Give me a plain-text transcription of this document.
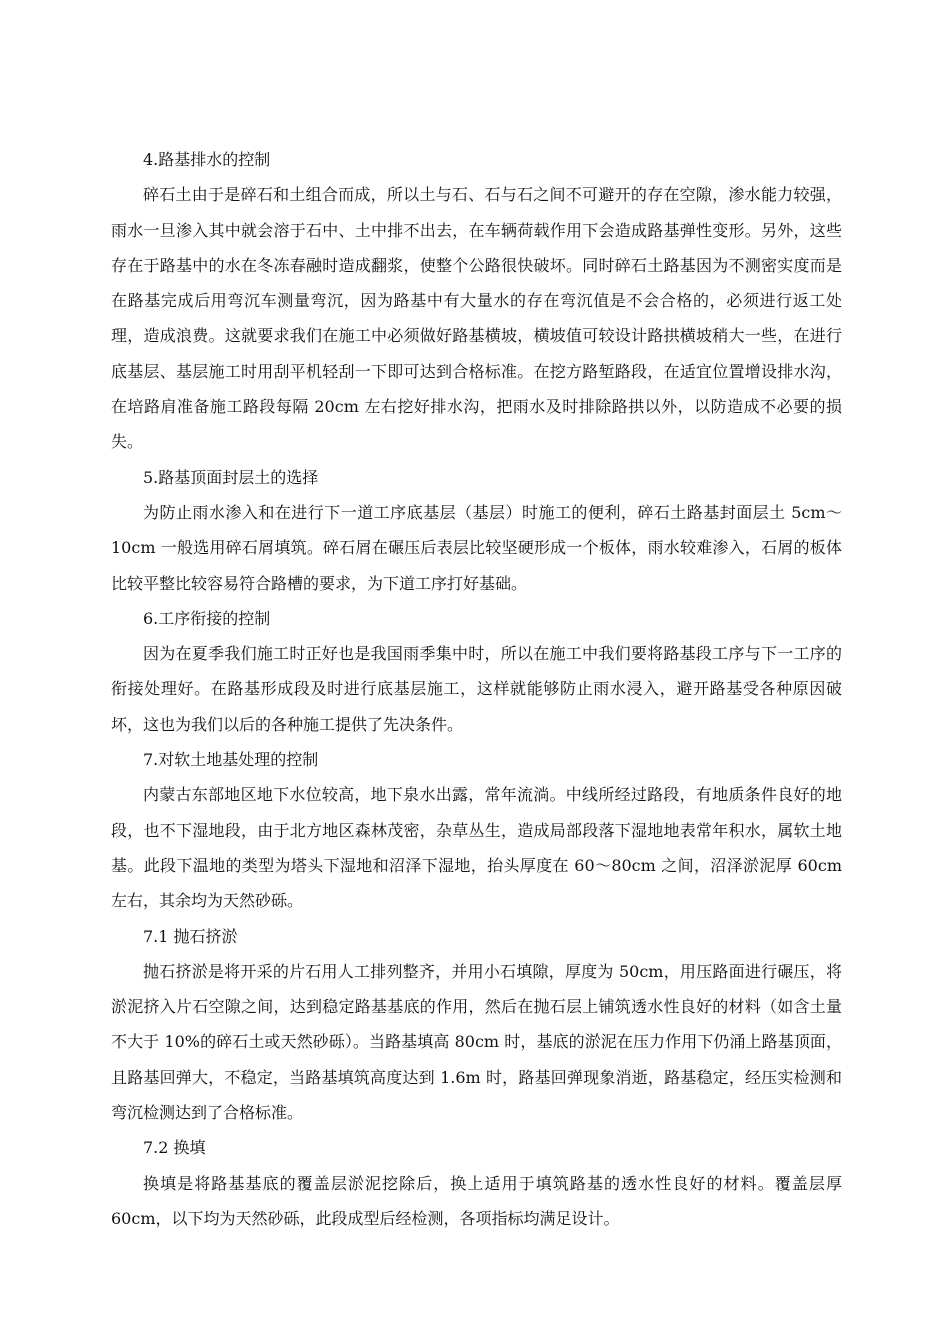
4.路基排水的控制

碎石土由于是碎石和土组合而成，所以土与石、石与石之间不可避开的存在空隙，渗水能力较强，雨水一旦渗入其中就会溶于石中、土中排不出去，在车辆荷载作用下会造成路基弹性变形。另外，这些存在于路基中的水在冬冻春融时造成翻浆，使整个公路很快破坏。同时碎石土路基因为不测密实度而是在路基完成后用弯沉车测量弯沉，因为路基中有大量水的存在弯沉值是不会合格的，必须进行返工处理，造成浪费。这就要求我们在施工中必须做好路基横坡，横坡值可较设计路拱横坡稍大一些，在进行底基层、基层施工时用刮平机轻刮一下即可达到合格标准。在挖方路堑路段，在适宜位置增设排水沟，在培路肩准备施工路段每隔 20cm 左右挖好排水沟，把雨水及时排除路拱以外，以防造成不必要的损失。

5.路基顶面封层土的选择

为防止雨水渗入和在进行下一道工序底基层（基层）时施工的便利，碎石土路基封面层土 5cm～10cm 一般选用碎石屑填筑。碎石屑在碾压后表层比较坚硬形成一个板体，雨水较难渗入，石屑的板体比较平整比较容易符合路槽的要求，为下道工序打好基础。

6.工序衔接的控制

因为在夏季我们施工时正好也是我国雨季集中时，所以在施工中我们要将路基段工序与下一工序的衔接处理好。在路基形成段及时进行底基层施工，这样就能够防止雨水浸入，避开路基受各种原因破坏，这也为我们以后的各种施工提供了先决条件。

7.对软土地基处理的控制

内蒙古东部地区地下水位较高，地下泉水出露，常年流淌。中线所经过路段，有地质条件良好的地段，也不下湿地段，由于北方地区森林茂密，杂草丛生，造成局部段落下湿地地表常年积水，属软土地基。此段下温地的类型为塔头下湿地和沼泽下湿地，抬头厚度在 60～80cm 之间，沼泽淤泥厚 60cm 左右，其余均为天然砂砾。

7.1 抛石挤淤

抛石挤淤是将开采的片石用人工排列整齐，并用小石填隙，厚度为 50cm，用压路面进行碾压，将淤泥挤入片石空隙之间，达到稳定路基基底的作用，然后在抛石层上铺筑透水性良好的材料（如含土量不大于 10%的碎石土或天然砂砾）。当路基填高 80cm 时，基底的淤泥在压力作用下仍涌上路基顶面，且路基回弹大，不稳定，当路基填筑高度达到 1.6m 时，路基回弹现象消逝，路基稳定，经压实检测和弯沉检测达到了合格标准。

7.2 换填

换填是将路基基底的覆盖层淤泥挖除后，换上适用于填筑路基的透水性良好的材料。覆盖层厚 60cm，以下均为天然砂砾，此段成型后经检测，各项指标均满足设计。
